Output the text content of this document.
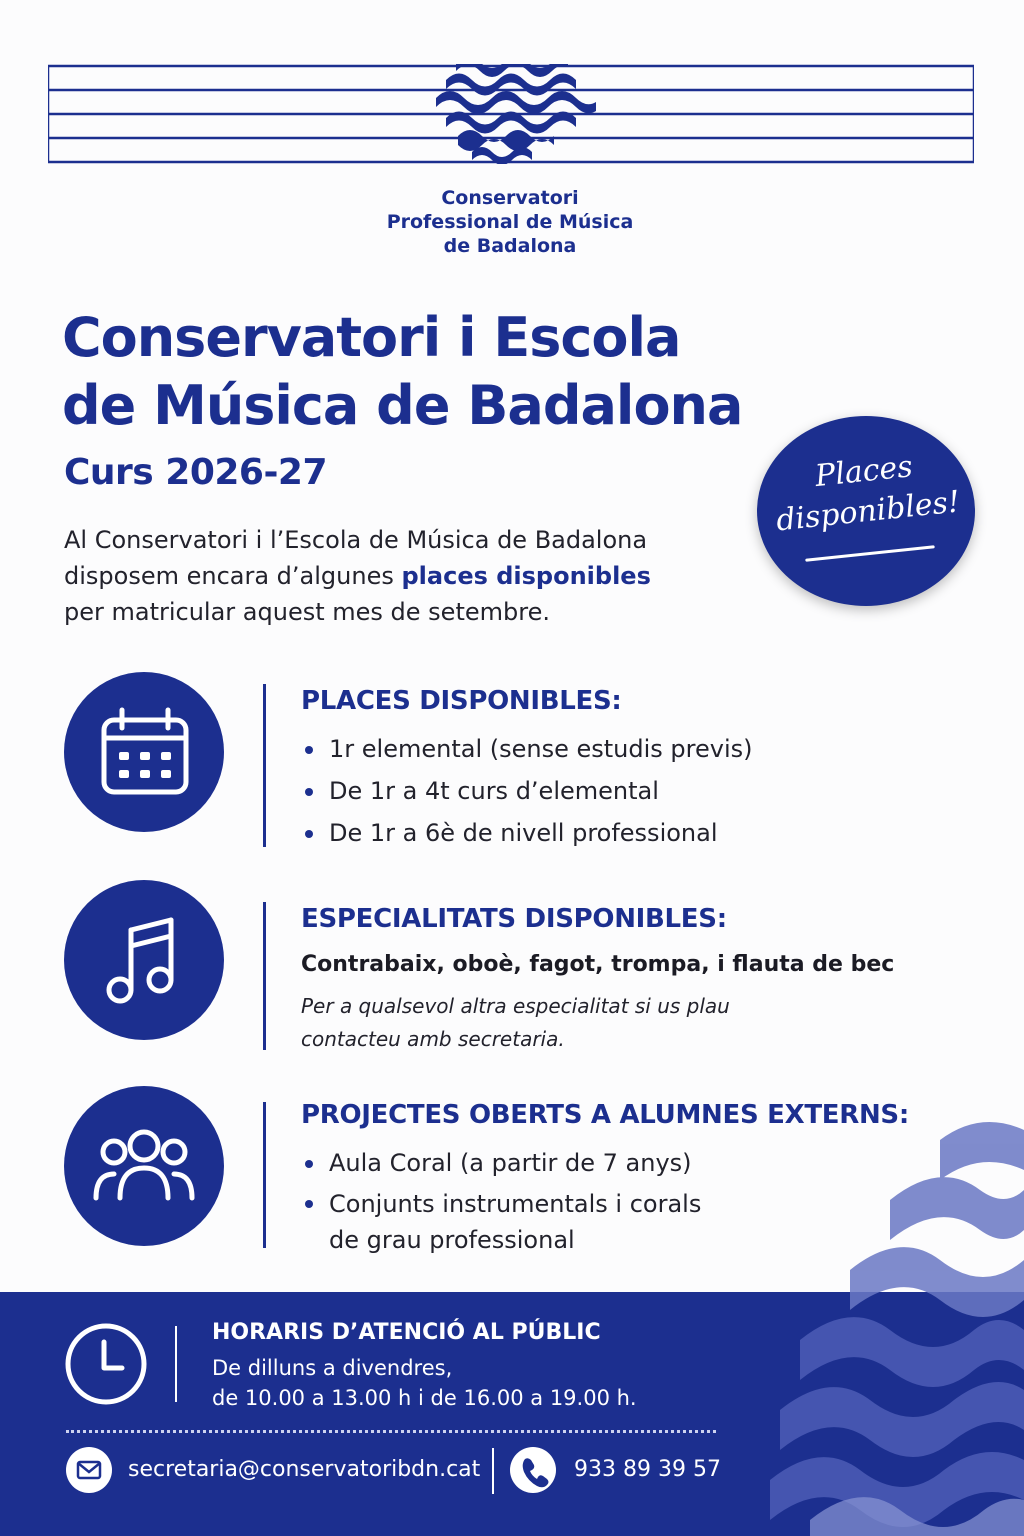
Conservatori
Professional de Música
de Badalona
Conservatori i Escola
de Música de Badalona
Curs 2026-27
Al Conservatori i l’Escola de Música de Badalona
disposem encara d’algunes places disponibles
per matricular aquest mes de setembre.
Places
disponibles!
PLACES DISPONIBLES:
1r elemental (sense estudis previs)
De 1r a 4t curs d’elemental
De 1r a 6è de nivell professional
ESPECIALITATS DISPONIBLES:
Contrabaix, oboè, fagot, trompa, i flauta de bec
Per a qualsevol altra especialitat si us plau
contacteu amb secretaria.
PROJECTES OBERTS A ALUMNES EXTERNS:
Aula Coral (a partir de 7 anys)
Conjunts instrumentals i corals
de grau professional
HORARIS D’ATENCIÓ AL PÚBLIC
De dilluns a divendres,
de 10.00 a 13.00 h i de 16.00 a 19.00 h.
secretaria@conservatoribdn.cat	933 89 39 57
